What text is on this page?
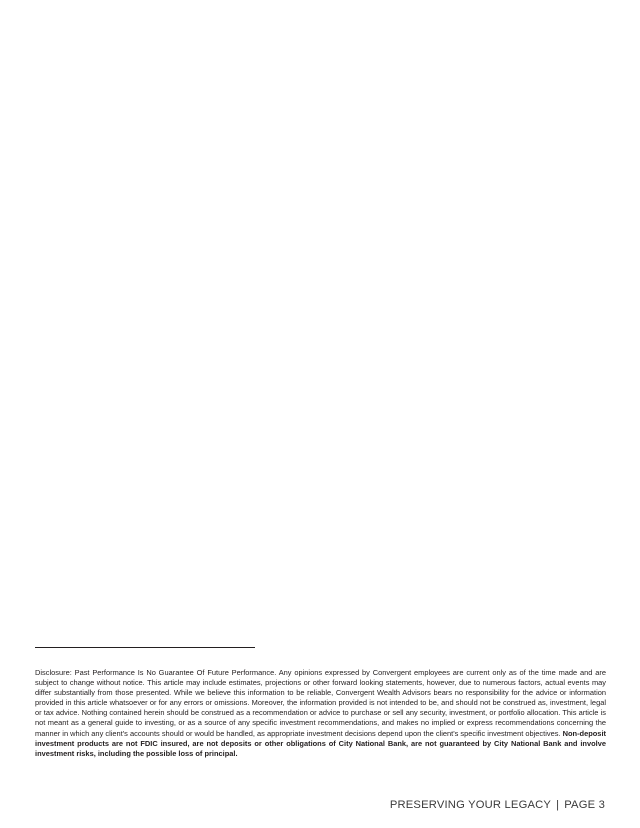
Disclosure: Past Performance Is No Guarantee Of Future Performance. Any opinions expressed by Convergent employees are current only as of the time made and are subject to change without notice. This article may include estimates, projections or other forward looking statements, however, due to numerous factors, actual events may differ substantially from those presented. While we believe this information to be reliable, Convergent Wealth Advisors bears no responsibility for the advice or information provided in this article whatsoever or for any errors or omissions. Moreover, the information provided is not intended to be, and should not be construed as, investment, legal or tax advice. Nothing contained herein should be construed as a recommendation or advice to purchase or sell any security, investment, or portfolio allocation. This article is not meant as a general guide to investing, or as a source of any specific investment recommendations, and makes no implied or express recommendations concerning the manner in which any client's accounts should or would be handled, as appropriate investment decisions depend upon the client's specific investment objectives. Non-deposit investment products are not FDIC insured, are not deposits or other obligations of City National Bank, are not guaranteed by City National Bank and involve investment risks, including the possible loss of principal.

PRESERVING YOUR LEGACY | PAGE 3
